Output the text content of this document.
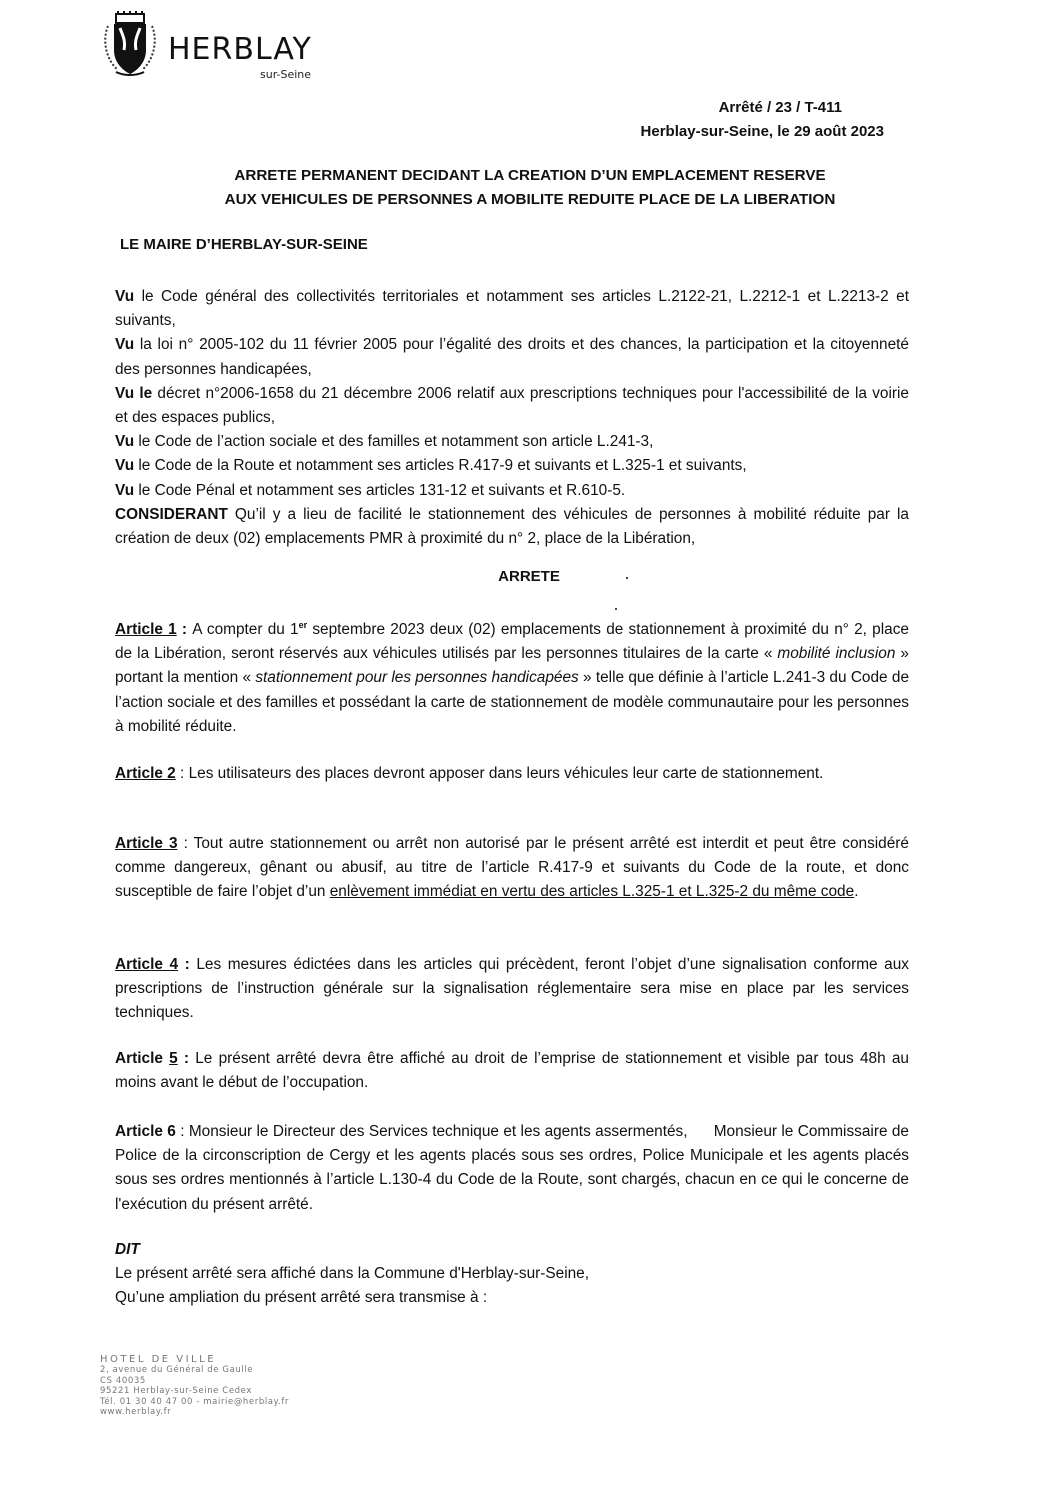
HERBLAY
sur-Seine
Arrêté / 23 / T-411
Herblay-sur-Seine, le 29 août 2023
ARRETE PERMANENT DECIDANT LA CREATION D’UN EMPLACEMENT RESERVE
AUX VEHICULES DE PERSONNES A MOBILITE REDUITE PLACE DE LA LIBERATION
LE MAIRE D’HERBLAY-SUR-SEINE

Vu le Code général des collectivités territoriales et notamment ses articles L.2122-21, L.2212-1 et L.2213-2 et suivants,

Vu la loi n° 2005-102 du 11 février 2005 pour l’égalité des droits et des chances, la participation et la citoyenneté des personnes handicapées,

Vu le décret n°2006-1658 du 21 décembre 2006 relatif aux prescriptions techniques pour l'accessibilité de la voirie et des espaces publics,

Vu le Code de l’action sociale et des familles et notamment son article L.241-3,

Vu le Code de la Route et notamment ses articles R.417-9 et suivants et L.325-1 et suivants,

Vu le Code Pénal et notamment ses articles 131-12 et suivants et R.610-5.

CONSIDERANT Qu’il y a lieu de facilité le stationnement des véhicules de personnes à mobilité réduite par la création de deux (02) emplacements PMR à proximité du n° 2, place de la Libération,

ARRETE

Article 1 : A compter du 1er septembre 2023 deux (02) emplacements de stationnement à proximité du n° 2, place de la Libération, seront réservés aux véhicules utilisés par les personnes titulaires de la carte « mobilité inclusion » portant la mention « stationnement pour les personnes handicapées » telle que définie à l’article L.241-3 du Code de l’action sociale et des familles et possédant la carte de stationnement de modèle communautaire pour les personnes à mobilité réduite.

Article 2 : Les utilisateurs des places devront apposer dans leurs véhicules leur carte de stationnement.

Article 3 : Tout autre stationnement ou arrêt non autorisé par le présent arrêté est interdit et peut être considéré comme dangereux, gênant ou abusif, au titre de l’article R.417-9 et suivants du Code de la route, et donc susceptible de faire l’objet d’un enlèvement immédiat en vertu des articles L.325-1 et L.325-2 du même code.

Article 4 : Les mesures édictées dans les articles qui précèdent, feront l’objet d’une signalisation conforme aux prescriptions de l’instruction générale sur la signalisation réglementaire sera mise en place par les services techniques.

Article 5 : Le présent arrêté devra être affiché au droit de l’emprise de stationnement et visible par tous 48h au moins avant le début de l’occupation.

Article 6 : Monsieur le Directeur des Services technique et les agents assermentés,      Monsieur le Commissaire de Police de la circonscription de Cergy et les agents placés sous ses ordres, Police Municipale et les agents placés sous ses ordres mentionnés à l’article L.130-4 du Code de la Route, sont chargés, chacun en ce qui le concerne de l'exécution du présent arrêté.

DIT

Le présent arrêté sera affiché dans la Commune d'Herblay-sur-Seine,

Qu’une ampliation du présent arrêté sera transmise à :

HOTEL DE VILLE
2, avenue du Général de Gaulle
CS 40035
95221 Herblay-sur-Seine Cedex
Tél. 01 30 40 47 00 - mairie@herblay.fr
www.herblay.fr
